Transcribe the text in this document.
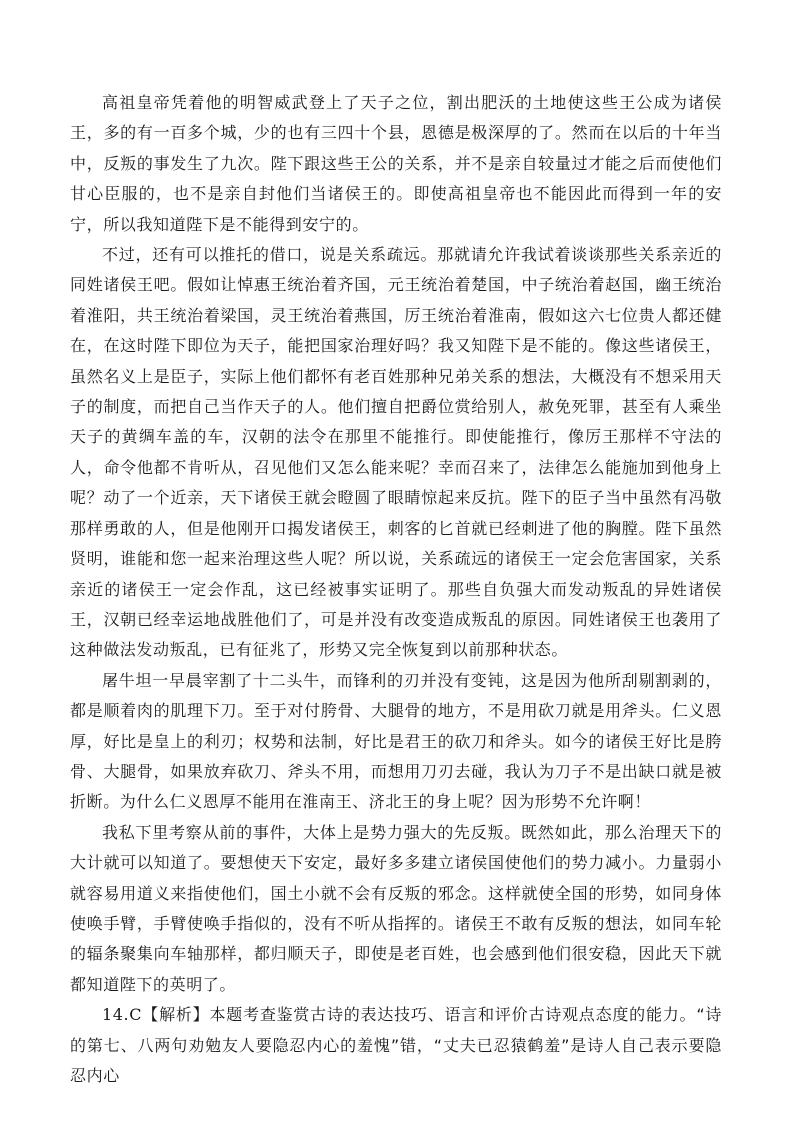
高祖皇帝凭着他的明智威武登上了天子之位，割出肥沃的土地使这些王公成为诸侯王，多的有一百多个城，少的也有三四十个县，恩德是极深厚的了。然而在以后的十年当中，反叛的事发生了九次。陛下跟这些王公的关系，并不是亲自较量过才能之后而使他们甘心臣服的，也不是亲自封他们当诸侯王的。即使高祖皇帝也不能因此而得到一年的安宁，所以我知道陛下是不能得到安宁的。

不过，还有可以推托的借口，说是关系疏远。那就请允许我试着谈谈那些关系亲近的同姓诸侯王吧。假如让悼惠王统治着齐国，元王统治着楚国，中子统治着赵国，幽王统治着淮阳，共王统治着梁国，灵王统治着燕国，厉王统治着淮南，假如这六七位贵人都还健在，在这时陛下即位为天子，能把国家治理好吗？我又知陛下是不能的。像这些诸侯王，虽然名义上是臣子，实际上他们都怀有老百姓那种兄弟关系的想法，大概没有不想采用天子的制度，而把自己当作天子的人。他们擅自把爵位赏给别人，赦免死罪，甚至有人乘坐天子的黄绸车盖的车，汉朝的法令在那里不能推行。即使能推行，像厉王那样不守法的人，命令他都不肯听从，召见他们又怎么能来呢？幸而召来了，法律怎么能施加到他身上呢？动了一个近亲，天下诸侯王就会瞪圆了眼睛惊起来反抗。陛下的臣子当中虽然有冯敬那样勇敢的人，但是他刚开口揭发诸侯王，刺客的匕首就已经刺进了他的胸膛。陛下虽然贤明，谁能和您一起来治理这些人呢？所以说，关系疏远的诸侯王一定会危害国家，关系亲近的诸侯王一定会作乱，这已经被事实证明了。那些自负强大而发动叛乱的异姓诸侯王，汉朝已经幸运地战胜他们了，可是并没有改变造成叛乱的原因。同姓诸侯王也袭用了这种做法发动叛乱，已有征兆了，形势又完全恢复到以前那种状态。

屠牛坦一早晨宰割了十二头牛，而锋利的刃并没有变钝，这是因为他所刮剔割剥的，都是顺着肉的肌理下刀。至于对付胯骨、大腿骨的地方，不是用砍刀就是用斧头。仁义恩厚，好比是皇上的利刃；权势和法制，好比是君王的砍刀和斧头。如今的诸侯王好比是胯骨、大腿骨，如果放弃砍刀、斧头不用，而想用刀刃去碰，我认为刀子不是出缺口就是被折断。为什么仁义恩厚不能用在淮南王、济北王的身上呢？因为形势不允许啊！

我私下里考察从前的事件，大体上是势力强大的先反叛。既然如此，那么治理天下的大计就可以知道了。要想使天下安定，最好多多建立诸侯国使他们的势力减小。力量弱小就容易用道义来指使他们，国土小就不会有反叛的邪念。这样就使全国的形势，如同身体使唤手臂，手臂使唤手指似的，没有不听从指挥的。诸侯王不敢有反叛的想法，如同车轮的辐条聚集向车轴那样，都归顺天子，即使是老百姓，也会感到他们很安稳，因此天下就都知道陛下的英明了。

14.C【解析】本题考查鉴赏古诗的表达技巧、语言和评价古诗观点态度的能力。“诗的第七、八两句劝勉友人要隐忍内心的羞愧”错，“丈夫已忍猿鹤羞”是诗人自己表示要隐忍内心
